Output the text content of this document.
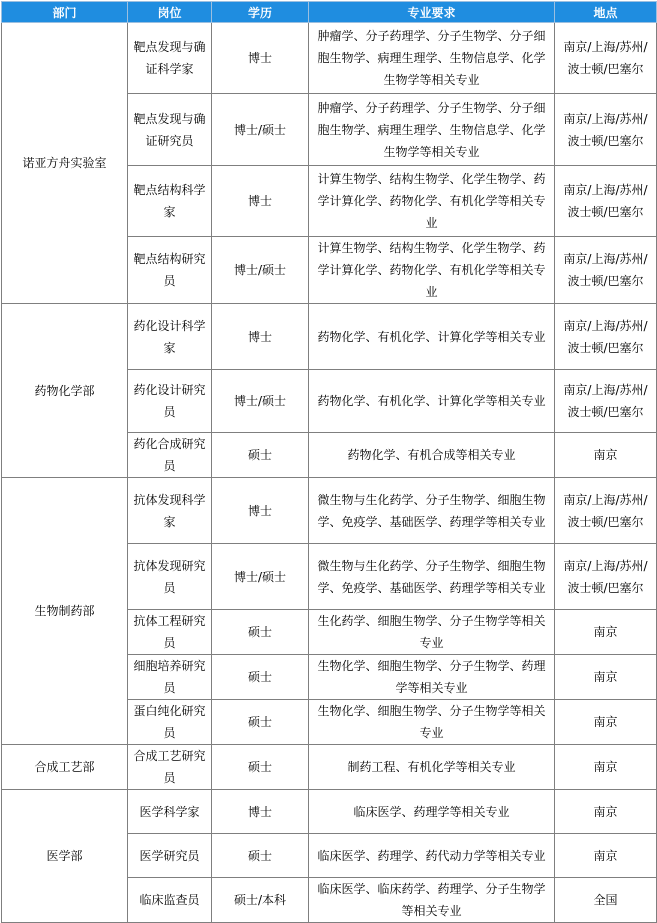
部门	岗位	学历	专业要求	地点
诺亚方舟实验室	靶点发现与确证科学家	博士	肿瘤学、分子药理学、分子生物学、分子细胞生物学、病理生理学、生物信息学、化学生物学等相关专业	南京/上海/苏州/波士顿/巴塞尔
	靶点发现与确证研究员	博士/硕士	肿瘤学、分子药理学、分子生物学、分子细胞生物学、病理生理学、生物信息学、化学生物学等相关专业	南京/上海/苏州/波士顿/巴塞尔
	靶点结构科学家	博士	计算生物学、结构生物学、化学生物学、药学计算化学、药物化学、有机化学等相关专业	南京/上海/苏州/波士顿/巴塞尔
	靶点结构研究员	博士/硕士	计算生物学、结构生物学、化学生物学、药学计算化学、药物化学、有机化学等相关专业	南京/上海/苏州/波士顿/巴塞尔
药物化学部	药化设计科学家	博士	药物化学、有机化学、计算化学等相关专业	南京/上海/苏州/波士顿/巴塞尔
	药化设计研究员	博士/硕士	药物化学、有机化学、计算化学等相关专业	南京/上海/苏州/波士顿/巴塞尔
	药化合成研究员	硕士	药物化学、有机合成等相关专业	南京
生物制药部	抗体发现科学家	博士	微生物与生化药学、分子生物学、细胞生物学、免疫学、基础医学、药理学等相关专业	南京/上海/苏州/波士顿/巴塞尔
	抗体发现研究员	博士/硕士	微生物与生化药学、分子生物学、细胞生物学、免疫学、基础医学、药理学等相关专业	南京/上海/苏州/波士顿/巴塞尔
	抗体工程研究员	硕士	生化药学、细胞生物学、分子生物学等相关专业	南京
	细胞培养研究员	硕士	生物化学、细胞生物学、分子生物学、药理学等相关专业	南京
	蛋白纯化研究员	硕士	生物化学、细胞生物学、分子生物学等相关专业	南京
合成工艺部	合成工艺研究员	硕士	制药工程、有机化学等相关专业	南京
医学部	医学科学家	博士	临床医学、药理学等相关专业	南京
	医学研究员	硕士	临床医学、药理学、药代动力学等相关专业	南京
	临床监查员	硕士/本科	临床医学、临床药学、药理学、分子生物学等相关专业	全国
